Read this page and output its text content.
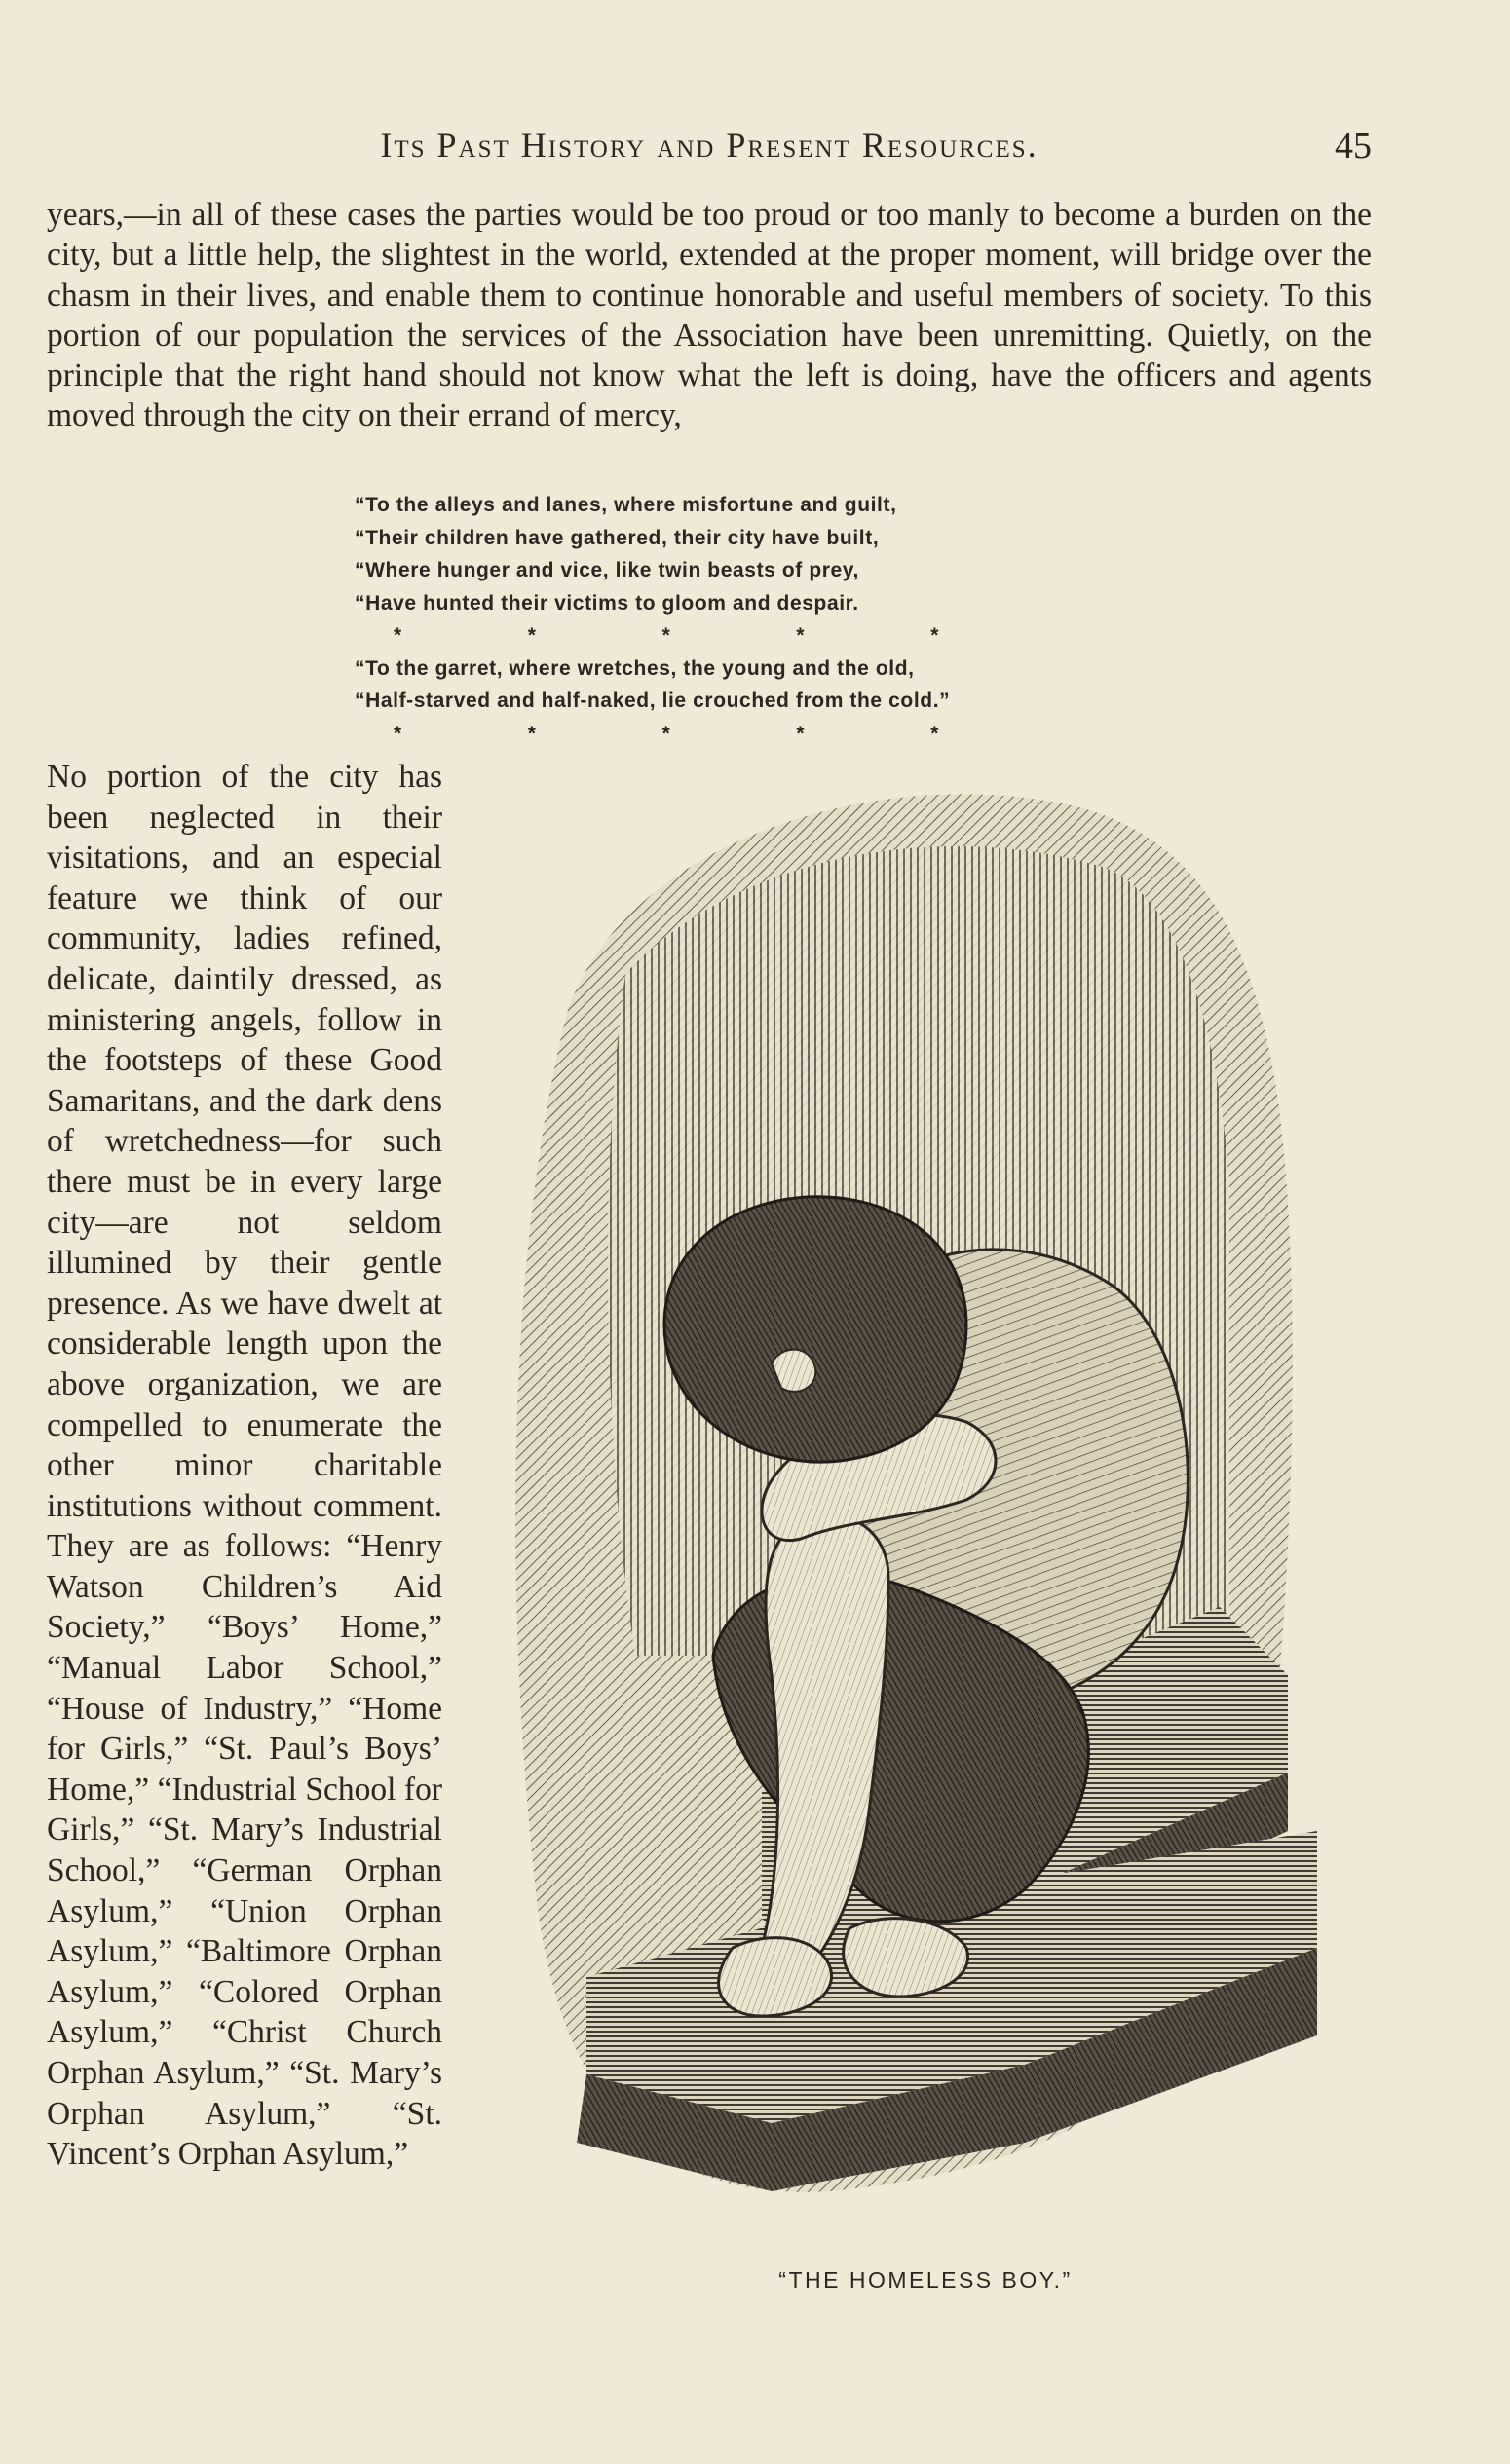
Its Past History and Present Resources.	45

years,—in all of these cases the parties would be too proud or too manly to become a burden on the city, but a little help, the slightest in the world, extended at the proper moment, will bridge over the chasm in their lives, and enable them to continue honorable and useful members of society. To this portion of our population the services of the Association have been unremitting. Quietly, on the principle that the right hand should not know what the left is doing, have the officers and agents moved through the city on their errand of mercy,

“To the alleys and lanes, where misfortune and guilt,
“Their children have gathered, their city have built,
“Where hunger and vice, like twin beasts of prey,
“Have hunted their victims to gloom and despair.
*	*	*	*	*
“To the garret, where wretches, the young and the old,
“Half-starved and half-naked, lie crouched from the cold.”
*	*	*	*	*

No portion of the city has been neglected in their visitations, and an especial feature we think of our community, ladies refined, delicate, daintily dressed, as ministering angels, follow in the footsteps of these Good Samaritans, and the dark dens of wretchedness—for such there must be in every large city—are not seldom illumined by their gentle presence. As we have dwelt at considerable length upon the above organization, we are compelled to enumerate the other minor charitable institutions without comment. They are as follows: “Henry Watson Children’s Aid Society,” “Boys’ Home,” “Manual Labor School,” “House of Industry,” “Home for Girls,” “St. Paul’s Boys’ Home,” “Industrial School for Girls,” “St. Mary’s Industrial School,” “German Orphan Asylum,” “Union Orphan Asylum,” “Baltimore Orphan Asylum,” “Colored Orphan Asylum,” “Christ Church Orphan Asylum,” “St. Mary’s Orphan Asylum,” “St. Vincent’s Orphan Asylum,”

“THE HOMELESS BOY.”
